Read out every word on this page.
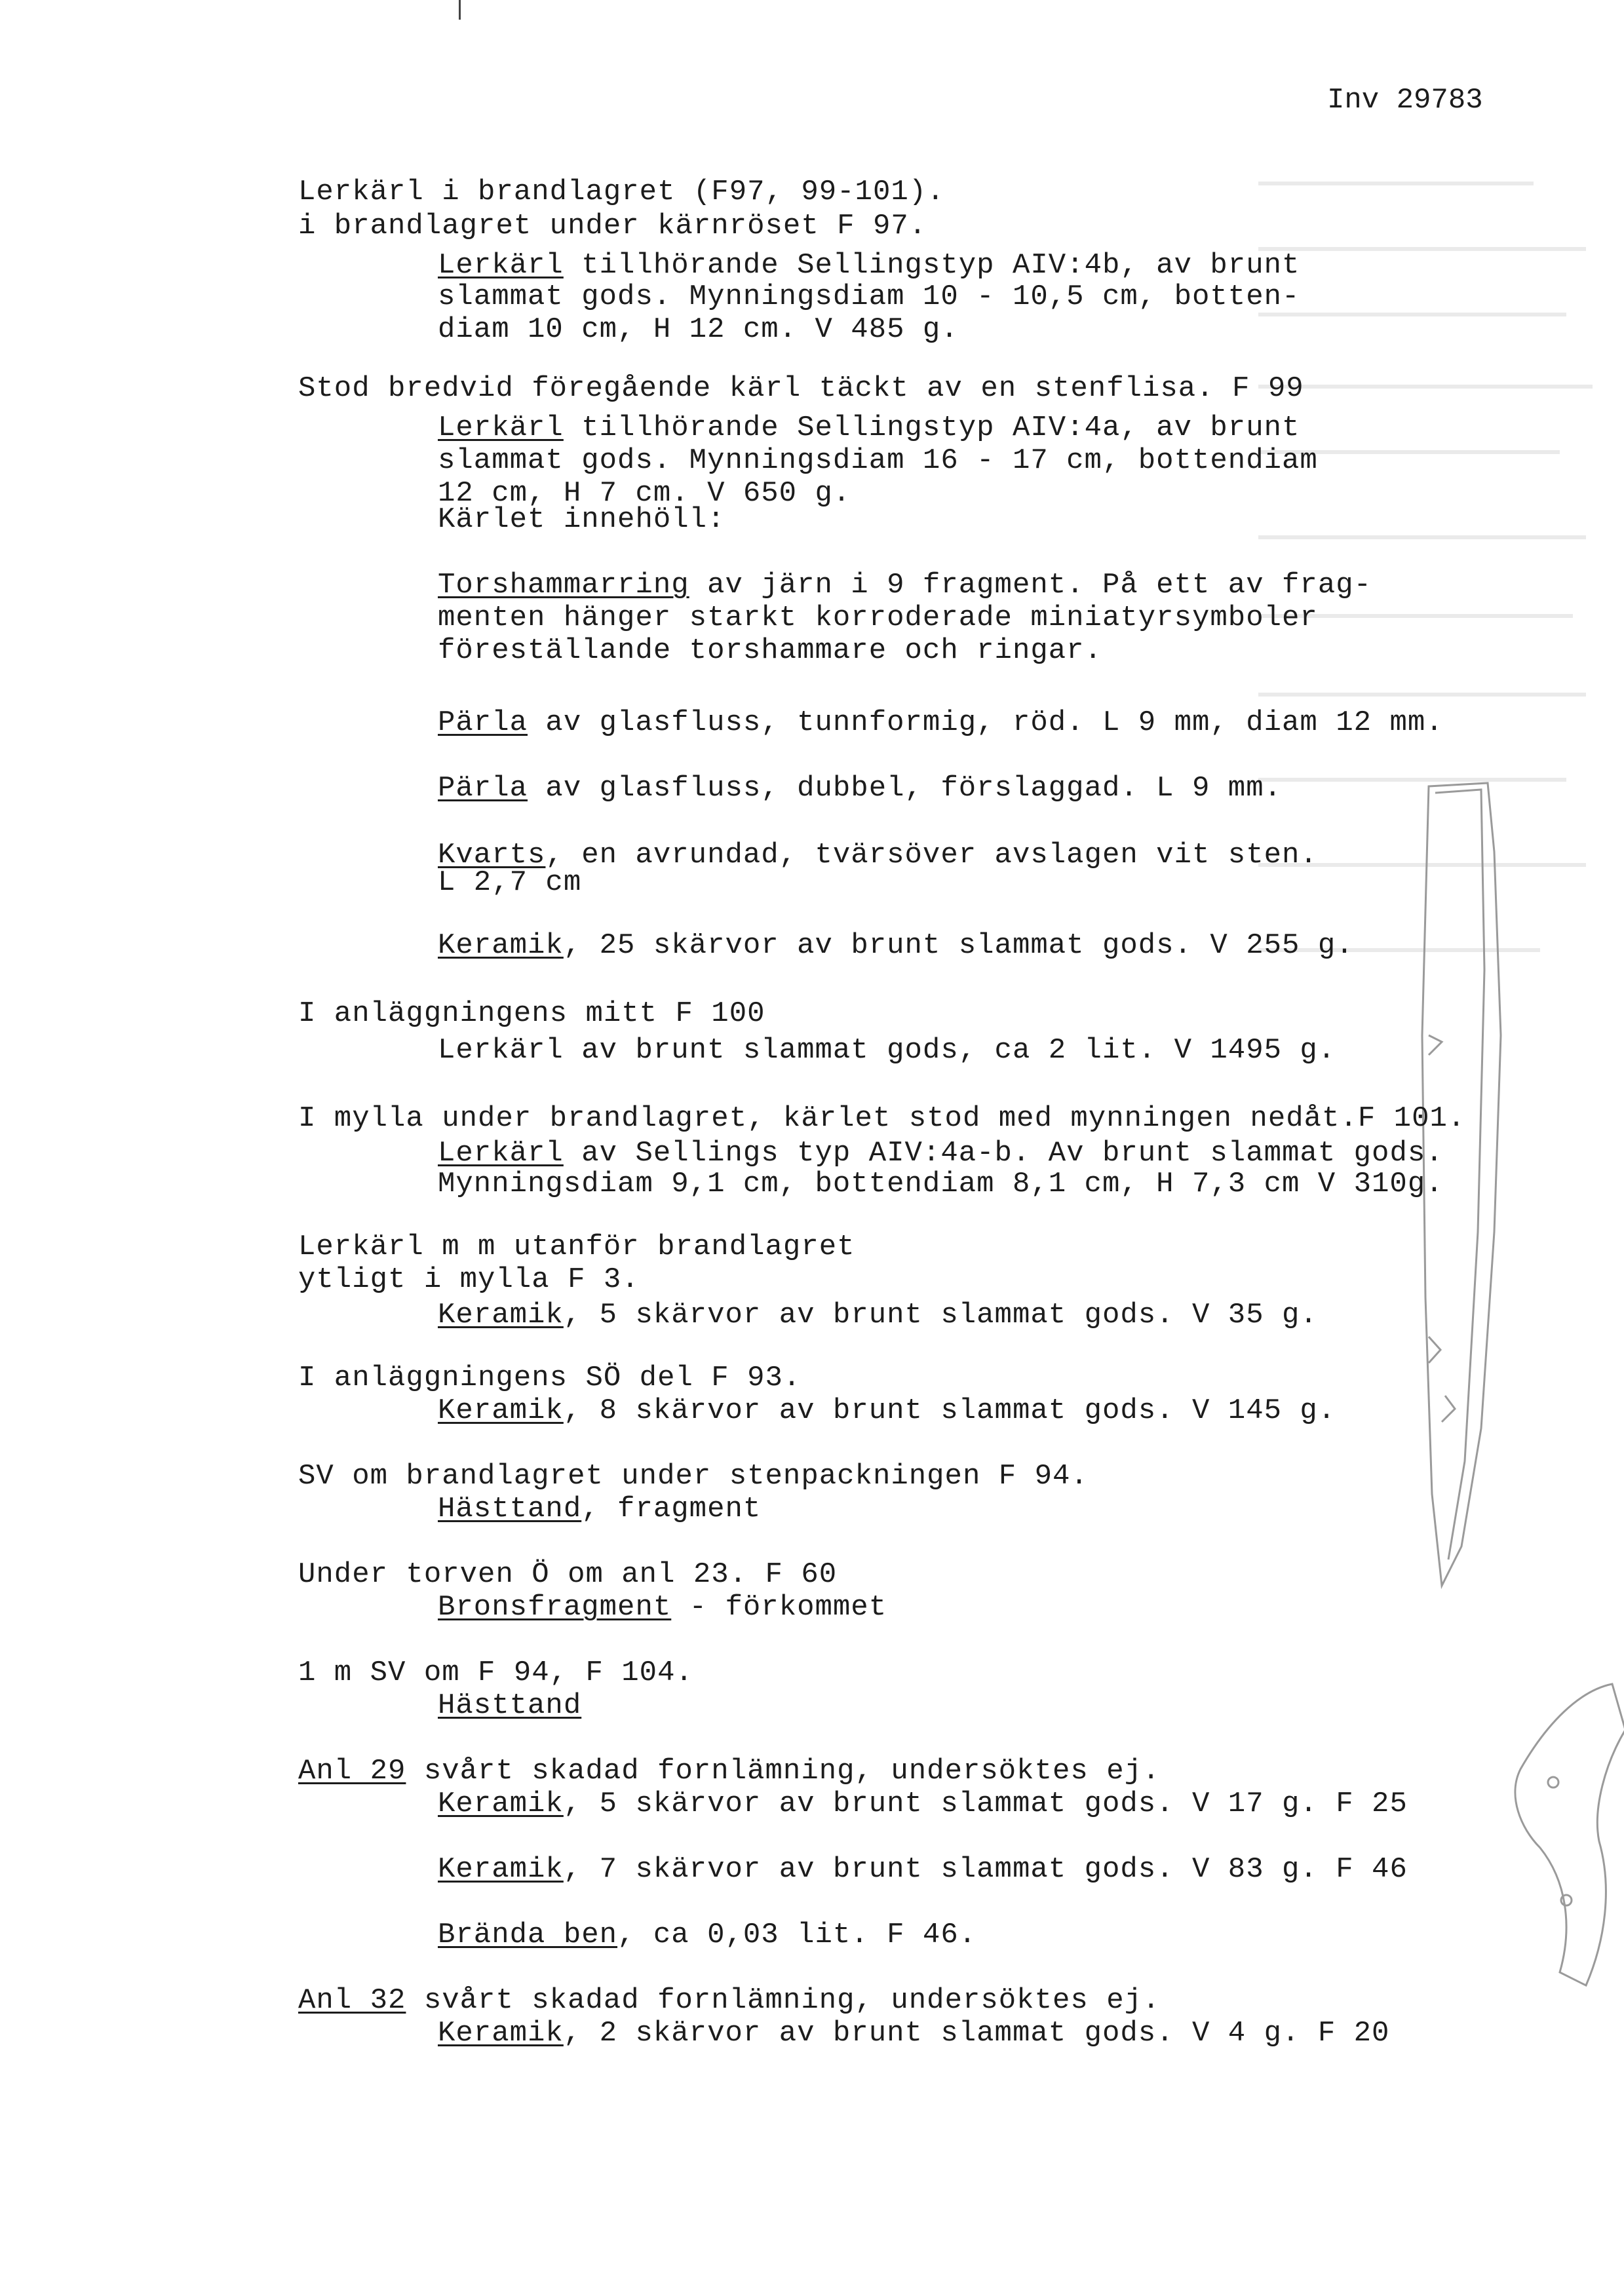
Inv 29783
Lerkärl i brandlagret (F97, 99-101).
i brandlagret under kärnröset F 97.
Lerkärl tillhörande Sellingstyp AIV:4b, av brunt
slammat gods. Mynningsdiam 10 - 10,5 cm, botten-
diam 10 cm, H 12 cm. V 485 g.
Stod bredvid föregående kärl täckt av en stenflisa. F 99
Lerkärl tillhörande Sellingstyp AIV:4a, av brunt
slammat gods. Mynningsdiam 16 - 17 cm, bottendiam
12 cm, H 7 cm. V 650 g.
Kärlet innehöll:
Torshammarring av järn i 9 fragment. På ett av frag-
menten hänger starkt korroderade miniatyrsymboler
föreställande torshammare och ringar.
Pärla av glasfluss, tunnformig, röd. L 9 mm, diam 12 mm.
Pärla av glasfluss, dubbel, förslaggad. L 9 mm.
Kvarts, en avrundad, tvärsöver avslagen vit sten.
L 2,7 cm
Keramik, 25 skärvor av brunt slammat gods. V 255 g.
I anläggningens mitt F 100
Lerkärl av brunt slammat gods, ca 2 lit. V 1495 g.
I mylla under brandlagret, kärlet stod med mynningen nedåt.F 101.
Lerkärl av Sellings typ AIV:4a-b. Av brunt slammat gods.
Mynningsdiam 9,1 cm, bottendiam 8,1 cm, H 7,3 cm V 310g.
Lerkärl m m utanför brandlagret
ytligt i mylla F 3.
Keramik, 5 skärvor av brunt slammat gods. V 35 g.
I anläggningens SÖ del F 93.
Keramik, 8 skärvor av brunt slammat gods. V 145 g.
SV om brandlagret under stenpackningen F 94.
Hästtand, fragment
Under torven Ö om anl 23. F 60
Bronsfragment - förkommet
1 m SV om F 94, F 104.
Hästtand
Anl 29 svårt skadad fornlämning, undersöktes ej.
Keramik, 5 skärvor av brunt slammat gods. V 17 g. F 25
Keramik, 7 skärvor av brunt slammat gods. V 83 g. F 46
Brända ben, ca 0,03 lit. F 46.
Anl 32 svårt skadad fornlämning, undersöktes ej.
Keramik, 2 skärvor av brunt slammat gods. V 4 g. F 20
